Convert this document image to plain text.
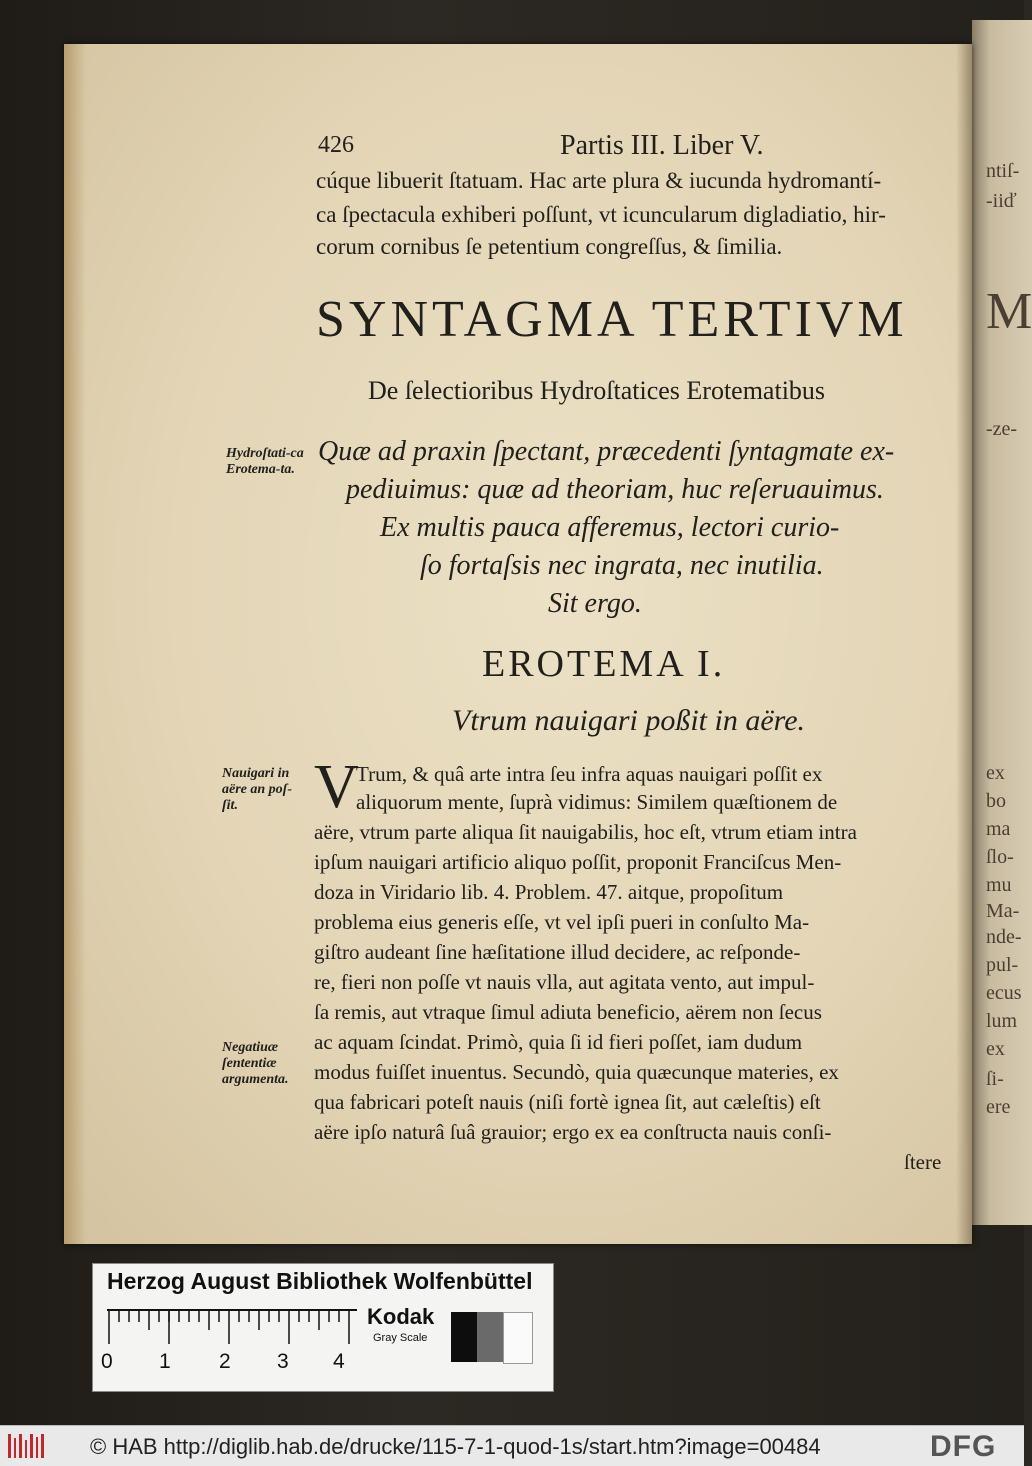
ntiſ-
-iiď
M
-ze-
ex
bo
ma
ſlo-
mu
Ma-
nde-
pul-
ecus
lum
ex
ſi-
ere
426	Partis III. Liber V.
cúque libuerit ſtatuam. Hac arte plura & iucunda hydromantí-
ca ſpectacula exhiberi poſſunt, vt icuncularum digladiatio, hir-
corum cornibus ſe petentium congreſſus, & ſimilia.
SYNTAGMA TERTIVM
De ſelectioribus Hydroſtatices Erotematibus
Hydroſtati-ca Erotema-ta.
Quæ ad praxin ſpectant, præcedenti ſyntagmate ex-
pediuimus: quæ ad theoriam, huc reſeruauimus.
Ex multis pauca afferemus, lectori curio-
ſo fortaſsis nec ingrata, nec inutilia.
Sit ergo.
EROTEMA I.
Vtrum nauigari poßit in aëre.
Nauigari in aëre an poſ-ſit.
Negatiuæ ſententiæ argumenta.
V
Trum, & quâ arte intra ſeu infra aquas nauigari poſſit ex
aliquorum mente, ſuprà vidimus: Similem quæſtionem de
aëre, vtrum parte aliqua ſit nauigabilis, hoc eſt, vtrum etiam intra
ipſum nauigari artificio aliquo poſſit, proponit Franciſcus Men-
doza in Viridario lib. 4. Problem. 47. aitque, propoſitum
problema eius generis eſſe, vt vel ipſi pueri in conſulto Ma-
giſtro audeant ſine hæſitatione illud decidere, ac reſponde-
re, fieri non poſſe vt nauis vlla, aut agitata vento, aut impul-
ſa remis, aut vtraque ſimul adiuta beneficio, aërem non ſecus
ac aquam ſcindat. Primò, quia ſi id fieri poſſet, iam dudum
modus fuiſſet inuentus. Secundò, quia quæcunque materies, ex
qua fabricari poteſt nauis (niſi fortè ignea ſit, aut cæleſtis) eſt
aëre ipſo naturâ ſuâ grauior; ergo ex ea conſtructa nauis conſi-
ſtere
Herzog August Bibliothek Wolfenbüttel
0 1 2 3 4
Kodak
Gray Scale
© HAB http://diglib.hab.de/drucke/115-7-1-quod-1s/start.htm?image=00484	DFG
